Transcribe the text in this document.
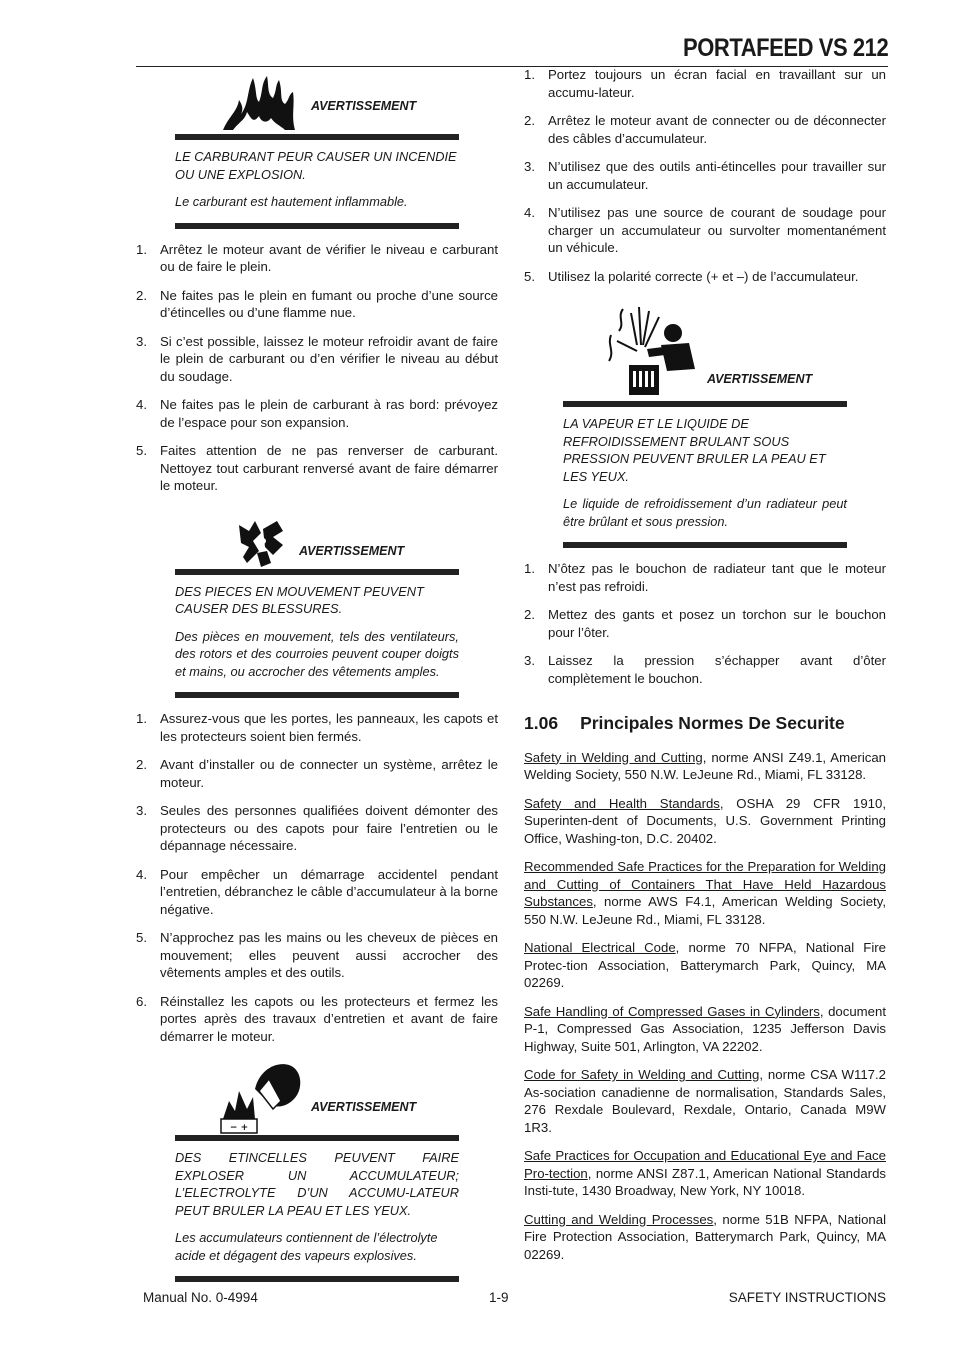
PORTAFEED VS 212
AVERTISSEMENT

LE CARBURANT PEUR CAUSER UN INCENDIE OU UNE EXPLOSION.

Le carburant est hautement inflammable.

1. Arrêtez le moteur avant de vérifier le niveau e carburant ou de faire le plein.
2. Ne faites pas le plein en fumant ou proche d’une source d’étincelles ou d’une flamme nue.
3. Si c’est possible, laissez le moteur refroidir avant de faire le plein de carburant ou d’en vérifier le niveau au début du soudage.
4. Ne faites pas le plein de carburant à ras bord: prévoyez de l’espace pour son expansion.
5. Faites attention de ne pas renverser de carburant. Nettoyez tout carburant renversé avant de faire démarrer le moteur.
AVERTISSEMENT

DES PIECES EN MOUVEMENT PEUVENT CAUSER DES BLESSURES.

Des pièces en mouvement, tels des ventilateurs, des rotors et des courroies peuvent couper doigts et mains, ou accrocher des vêtements amples.

1. Assurez-vous que les portes, les panneaux, les capots et les protecteurs soient bien fermés.
2. Avant d’installer ou de connecter un système, arrêtez le moteur.
3. Seules des personnes qualifiées doivent démonter des protecteurs ou des capots pour faire l’entretien ou le dépannage nécessaire.
4. Pour empêcher un démarrage accidentel pendant l’entretien, débranchez le câble d’accumulateur à la borne négative.
5. N’approchez pas les mains ou les cheveux de pièces en mouvement; elles peuvent aussi accrocher des vêtements amples et des outils.
6. Réinstallez les capots ou les protecteurs et fermez les portes après des travaux d’entretien et avant de faire démarrer le moteur.
− +
AVERTISSEMENT

DES ETINCELLES PEUVENT FAIRE EXPLOSER UN ACCUMULATEUR; L’ELECTROLYTE D’UN ACCUMU-LATEUR PEUT BRULER LA PEAU ET LES YEUX.

Les accumulateurs contiennent de l’électrolyte acide et dégagent des vapeurs explosives.

1. Portez toujours un écran facial en travaillant sur un accumu-lateur.
2. Arrêtez le moteur avant de connecter ou de déconnecter des câbles d’accumulateur.
3. N’utilisez que des outils anti-étincelles pour travailler sur un accumulateur.
4. N’utilisez pas une source de courant de soudage pour charger un accumulateur ou survolter momentanément un véhicule.
5. Utilisez la polarité correcte (+ et –) de l’accumulateur.
AVERTISSEMENT

LA VAPEUR ET LE LIQUIDE DE REFROIDISSEMENT BRULANT SOUS PRESSION PEUVENT BRULER LA PEAU ET LES YEUX.

Le liquide de refroidissement d’un radiateur peut être brûlant et sous pression.

1. N’ôtez pas le bouchon de radiateur tant que le moteur n’est pas refroidi.
2. Mettez des gants et posez un torchon sur le bouchon pour l’ôter.
3. Laissez la pression s’échapper avant d’ôter complètement le bouchon.
1.06 Principales Normes De Securite

Safety in Welding and Cutting, norme ANSI Z49.1, American Welding Society, 550 N.W. LeJeune Rd., Miami, FL 33128.

Safety and Health Standards, OSHA 29 CFR 1910, Superinten-dent of Documents, U.S. Government Printing Office, Washing-ton, D.C. 20402.

Recommended Safe Practices for the Preparation for Welding and Cutting of Containers That Have Held Hazardous Substances, norme AWS F4.1, American Welding Society, 550 N.W. LeJeune Rd., Miami, FL 33128.

National Electrical Code, norme 70 NFPA, National Fire Protec-tion Association, Batterymarch Park, Quincy, MA 02269.

Safe Handling of Compressed Gases in Cylinders, document P-1, Compressed Gas Association, 1235 Jefferson Davis Highway, Suite 501, Arlington, VA 22202.

Code for Safety in Welding and Cutting, norme CSA W117.2 As-sociation canadienne de normalisation, Standards Sales, 276 Rexdale Boulevard, Rexdale, Ontario, Canada M9W 1R3.

Safe Practices for Occupation and Educational Eye and Face Pro-tection, norme ANSI Z87.1, American National Standards Insti-tute, 1430 Broadway, New York, NY 10018.

Cutting and Welding Processes, norme 51B NFPA, National Fire Protection Association, Batterymarch Park, Quincy, MA 02269.

Manual No. 0-4994	1-9	SAFETY INSTRUCTIONS
